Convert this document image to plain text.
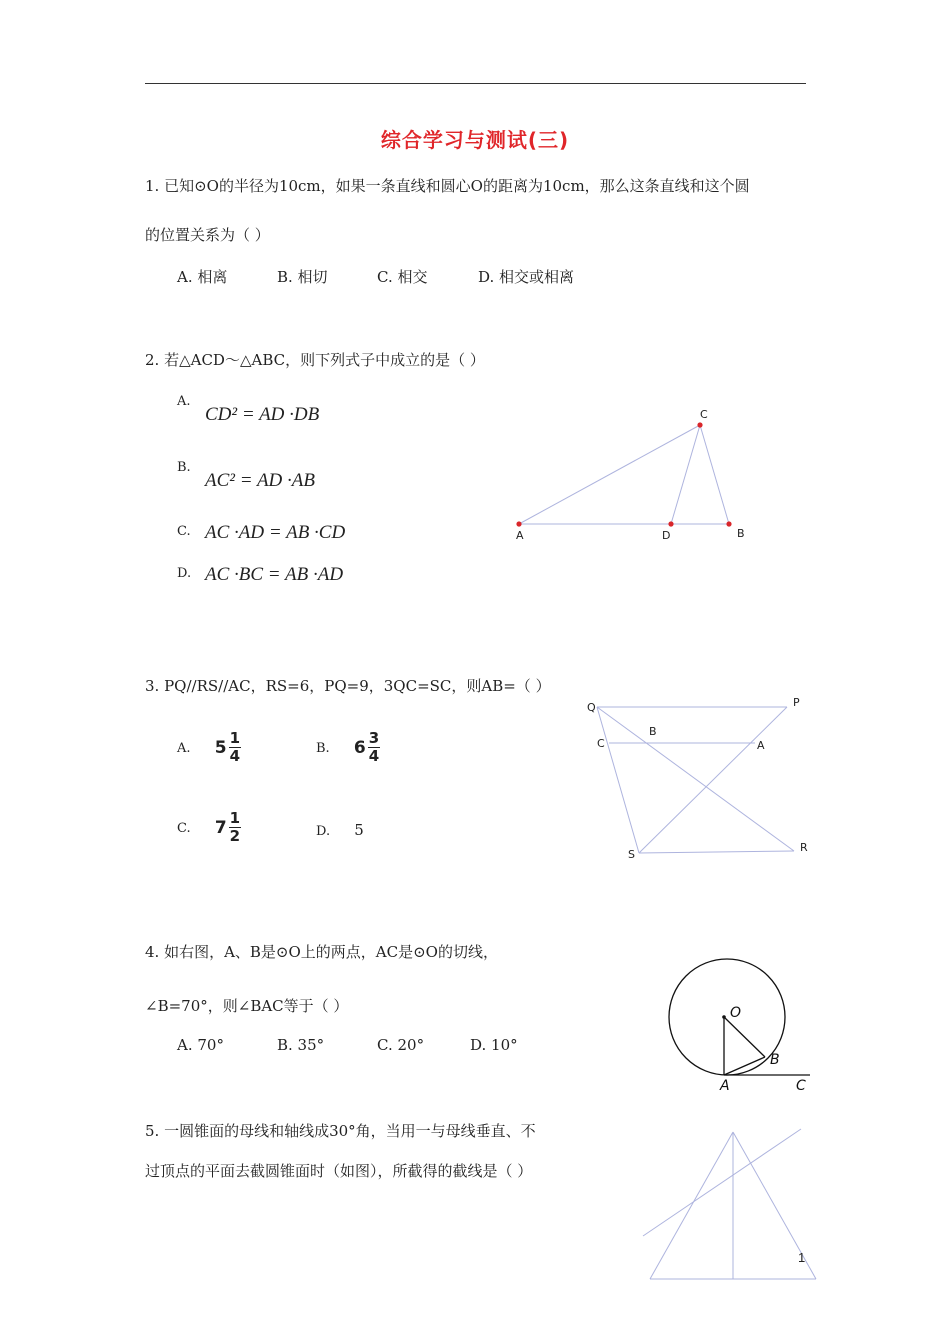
综合学习与测试(三)
1. 已知⊙O的半径为10cm，如果一条直线和圆心O的距离为10cm，那么这条直线和这个圆
的位置关系为（ ）
A. 相离	B. 相切	C. 相交	D. 相交或相离
2. 若△ACD～△ABC，则下列式子中成立的是（ ）
A.
CD² = AD ·DB
B.
AC² = AD ·AB
C. AC ·AD = AB ·CD
D. AC ·BC = AB ·AD
A
C
D	B
3. PQ//RS//AC，RS=6，PQ=9，3QC=SC，则AB=（ ）
A. $5 \frac{1}{4}$	B. $6 \frac{3}{4}$
C. $7 \frac{1}{2}$	D. 5
Q	P
C
B
A
S
R
4. 如右图，A、B是⊙O上的两点，AC是⊙O的切线，
∠B=70°，则∠BAC等于（ ）
A. 70°	B. 35°	C. 20°	D. 10°
O
B
A	C
5. 一圆锥面的母线和轴线成30°角，当用一与母线垂直、不
过顶点的平面去截圆锥面时（如图），所截得的截线是（ ）
1
